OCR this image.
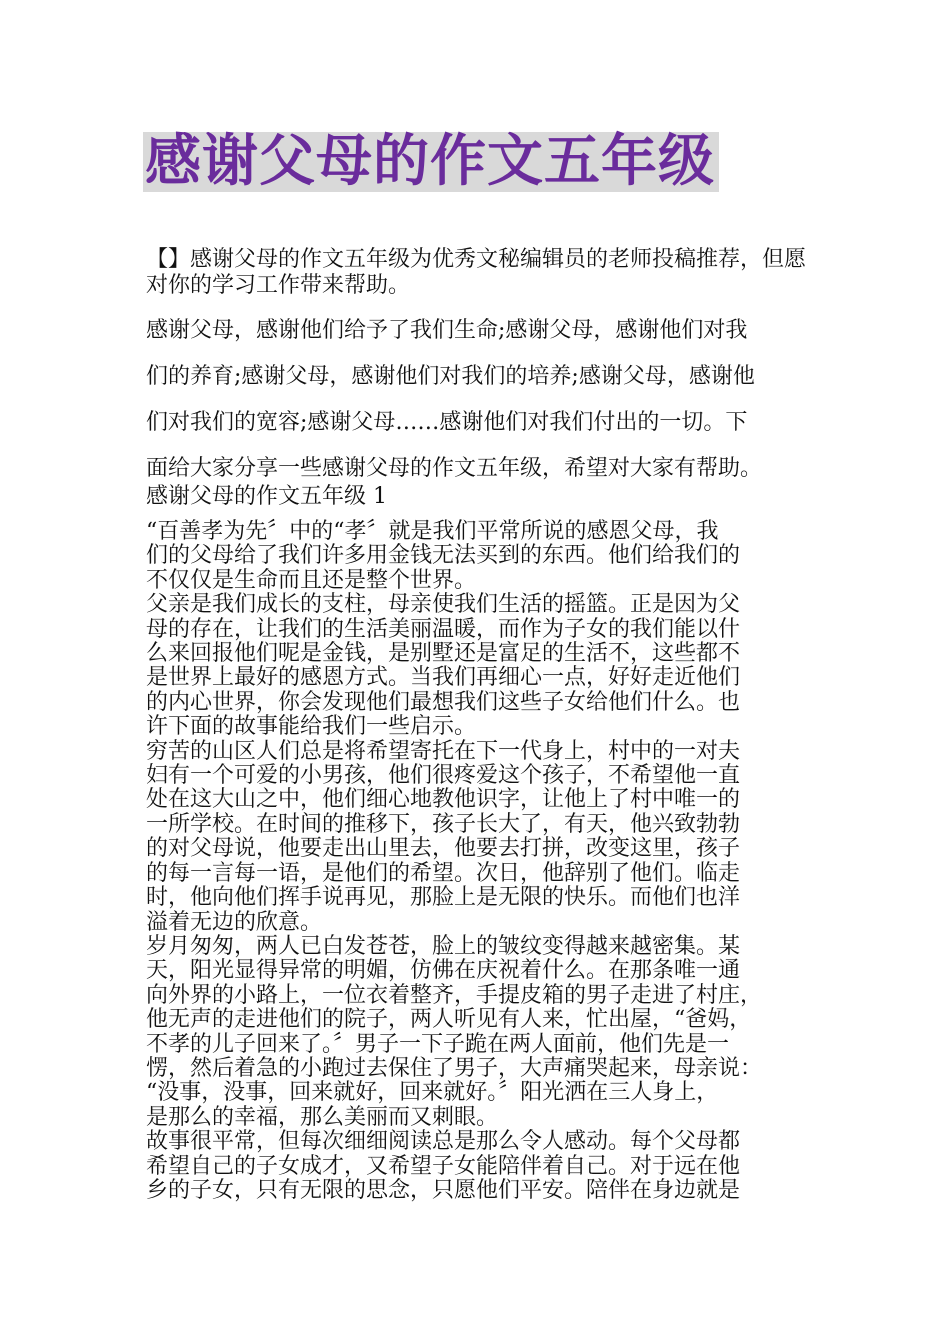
感谢父母的作文五年级

【】感谢父母的作文五年级为优秀文秘编辑员的老师投稿推荐，但愿对你的学习工作带来帮助。

感谢父母，感谢他们给予了我们生命;感谢父母，感谢他们对我
们的养育;感谢父母，感谢他们对我们的培养;感谢父母，感谢他
们对我们的宽容;感谢父母……感谢他们对我们付出的一切。下
面给大家分享一些感谢父母的作文五年级，希望对大家有帮助。

感谢父母的作文五年级 1

“百善孝为先〞中的“孝〞就是我们平常所说的感恩父母，我
们的父母给了我们许多用金钱无法买到的东西。他们给我们的
不仅仅是生命而且还是整个世界。

父亲是我们成长的支柱，母亲使我们生活的摇篮。正是因为父
母的存在，让我们的生活美丽温暖，而作为子女的我们能以什
么来回报他们呢是金钱，是别墅还是富足的生活不，这些都不
是世界上最好的感恩方式。当我们再细心一点，好好走近他们
的内心世界，你会发现他们最想我们这些子女给他们什么。也
许下面的故事能给我们一些启示。

穷苦的山区人们总是将希望寄托在下一代身上，村中的一对夫
妇有一个可爱的小男孩，他们很疼爱这个孩子，不希望他一直
处在这大山之中，他们细心地教他识字，让他上了村中唯一的
一所学校。在时间的推移下，孩子长大了，有天，他兴致勃勃
的对父母说，他要走出山里去，他要去打拼，改变这里，孩子
的每一言每一语，是他们的希望。次日，他辞别了他们。临走
时，他向他们挥手说再见，那脸上是无限的快乐。而他们也洋
溢着无边的欣意。

岁月匆匆，两人已白发苍苍，脸上的皱纹变得越来越密集。某
天，阳光显得异常的明媚，仿佛在庆祝着什么。在那条唯一通
向外界的小路上，一位衣着整齐，手提皮箱的男子走进了村庄，
他无声的走进他们的院子，两人听见有人来，忙出屋，“爸妈，
不孝的儿子回来了。〞男子一下子跪在两人面前，他们先是一
愣，然后着急的小跑过去保住了男子，大声痛哭起来，母亲说：
“没事，没事，回来就好，回来就好。〞阳光洒在三人身上，
是那么的幸福，那么美丽而又刺眼。

故事很平常，但每次细细阅读总是那么令人感动。每个父母都
希望自己的子女成才，又希望子女能陪伴着自己。对于远在他
乡的子女，只有无限的思念，只愿他们平安。陪伴在身边就是
